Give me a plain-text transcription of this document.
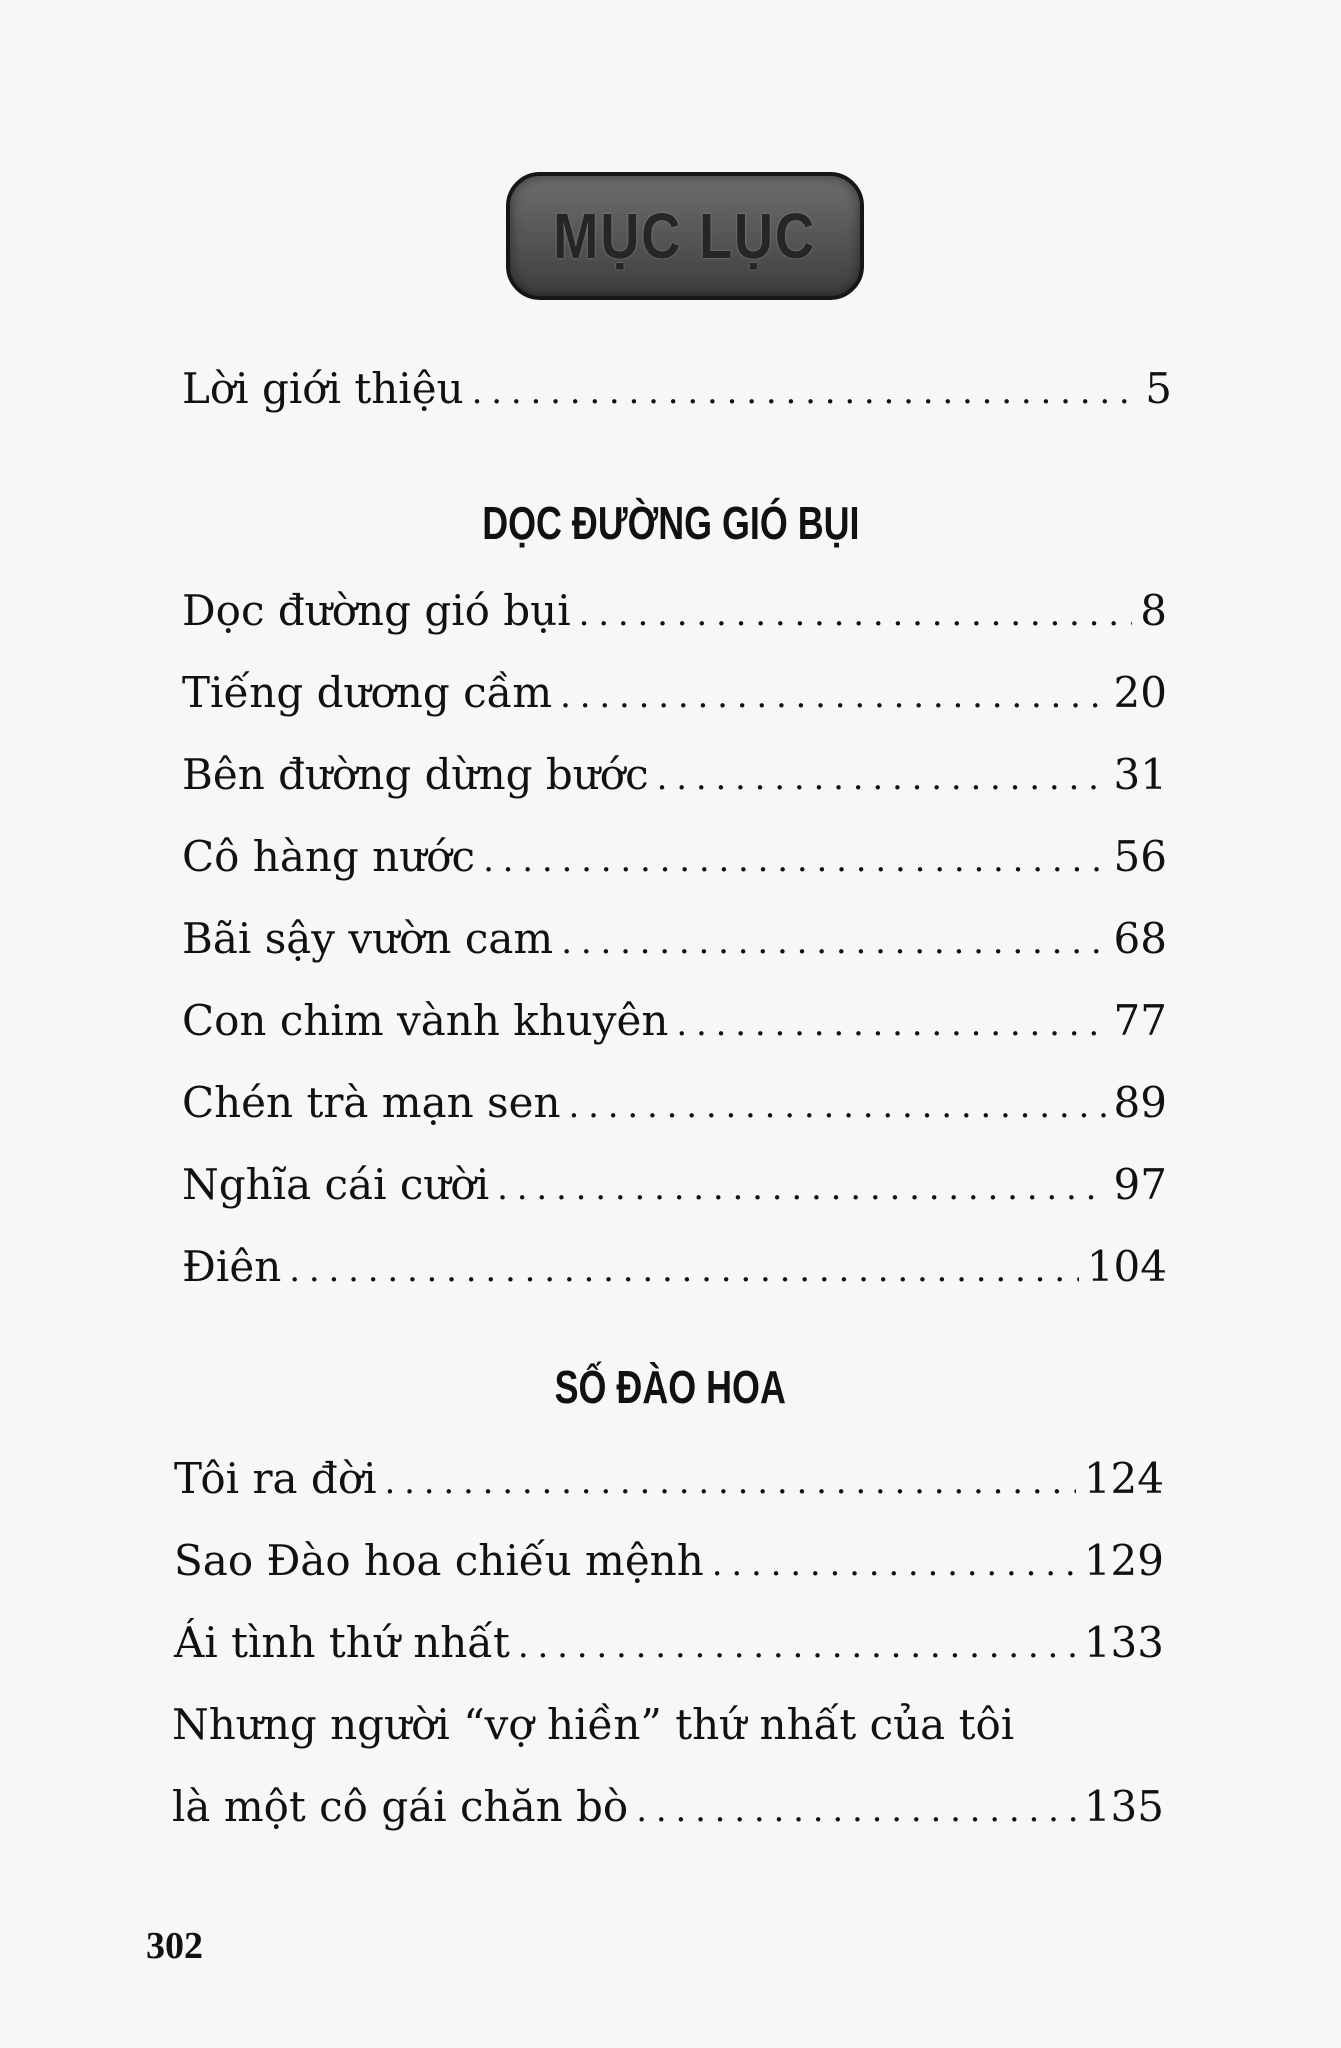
MỤC LỤC
Lời giới thiệu . . .	5
DỌC ĐƯỜNG GIÓ BỤI
Dọc đường gió bụi . . .	8
Tiếng dương cầm . . .	20
Bên đường dừng bước . . .	31
Cô hàng nước . . .	56
Bãi sậy vườn cam . . .	68
Con chim vành khuyên . . .	77
Chén trà mạn sen . . .	89
Nghĩa cái cười . . .	97
Điên . . .	104
SỐ ĐÀO HOA
Tôi ra đời . . .	124
Sao Đào hoa chiếu mệnh . . .	129
Ái tình thứ nhất . . .	133
Nhưng người “vợ hiền” thứ nhất của tôi
là một cô gái chăn bò . . .	135
302
